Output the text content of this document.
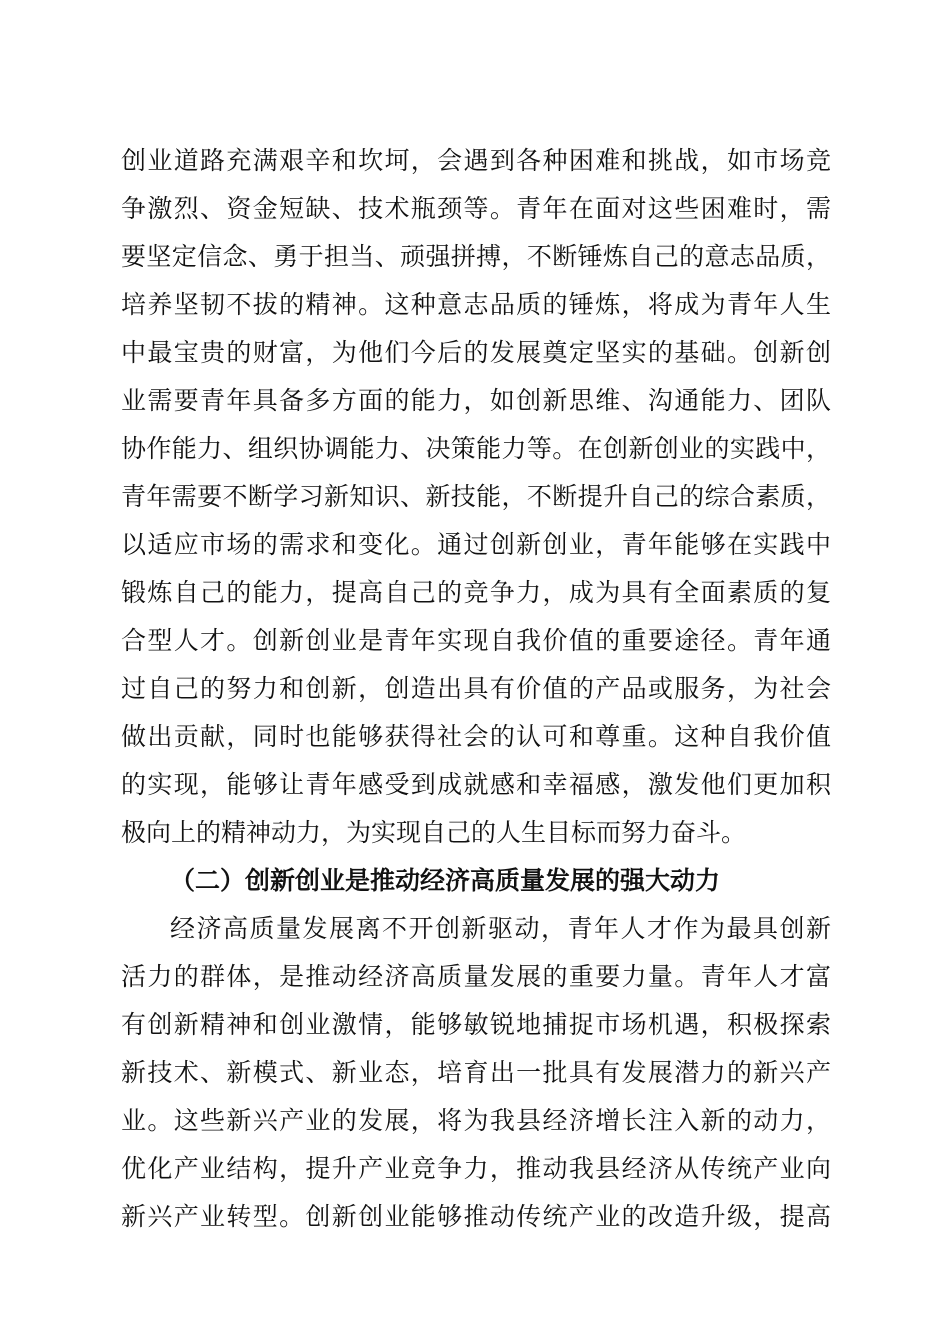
创业道路充满艰辛和坎坷，会遇到各种困难和挑战，如市场竞
争激烈、资金短缺、技术瓶颈等。青年在面对这些困难时，需
要坚定信念、勇于担当、顽强拼搏，不断锤炼自己的意志品质，
培养坚韧不拔的精神。这种意志品质的锤炼，将成为青年人生
中最宝贵的财富，为他们今后的发展奠定坚实的基础。创新创
业需要青年具备多方面的能力，如创新思维、沟通能力、团队
协作能力、组织协调能力、决策能力等。在创新创业的实践中，
青年需要不断学习新知识、新技能，不断提升自己的综合素质，
以适应市场的需求和变化。通过创新创业，青年能够在实践中
锻炼自己的能力，提高自己的竞争力，成为具有全面素质的复
合型人才。创新创业是青年实现自我价值的重要途径。青年通
过自己的努力和创新，创造出具有价值的产品或服务，为社会
做出贡献，同时也能够获得社会的认可和尊重。这种自我价值
的实现，能够让青年感受到成就感和幸福感，激发他们更加积
极向上的精神动力，为实现自己的人生目标而努力奋斗。
（二）创新创业是推动经济高质量发展的强大动力
经济高质量发展离不开创新驱动，青年人才作为最具创新
活力的群体，是推动经济高质量发展的重要力量。青年人才富
有创新精神和创业激情，能够敏锐地捕捉市场机遇，积极探索
新技术、新模式、新业态，培育出一批具有发展潜力的新兴产
业。这些新兴产业的发展，将为我县经济增长注入新的动力，
优化产业结构，提升产业竞争力，推动我县经济从传统产业向
新兴产业转型。创新创业能够推动传统产业的改造升级，提高
